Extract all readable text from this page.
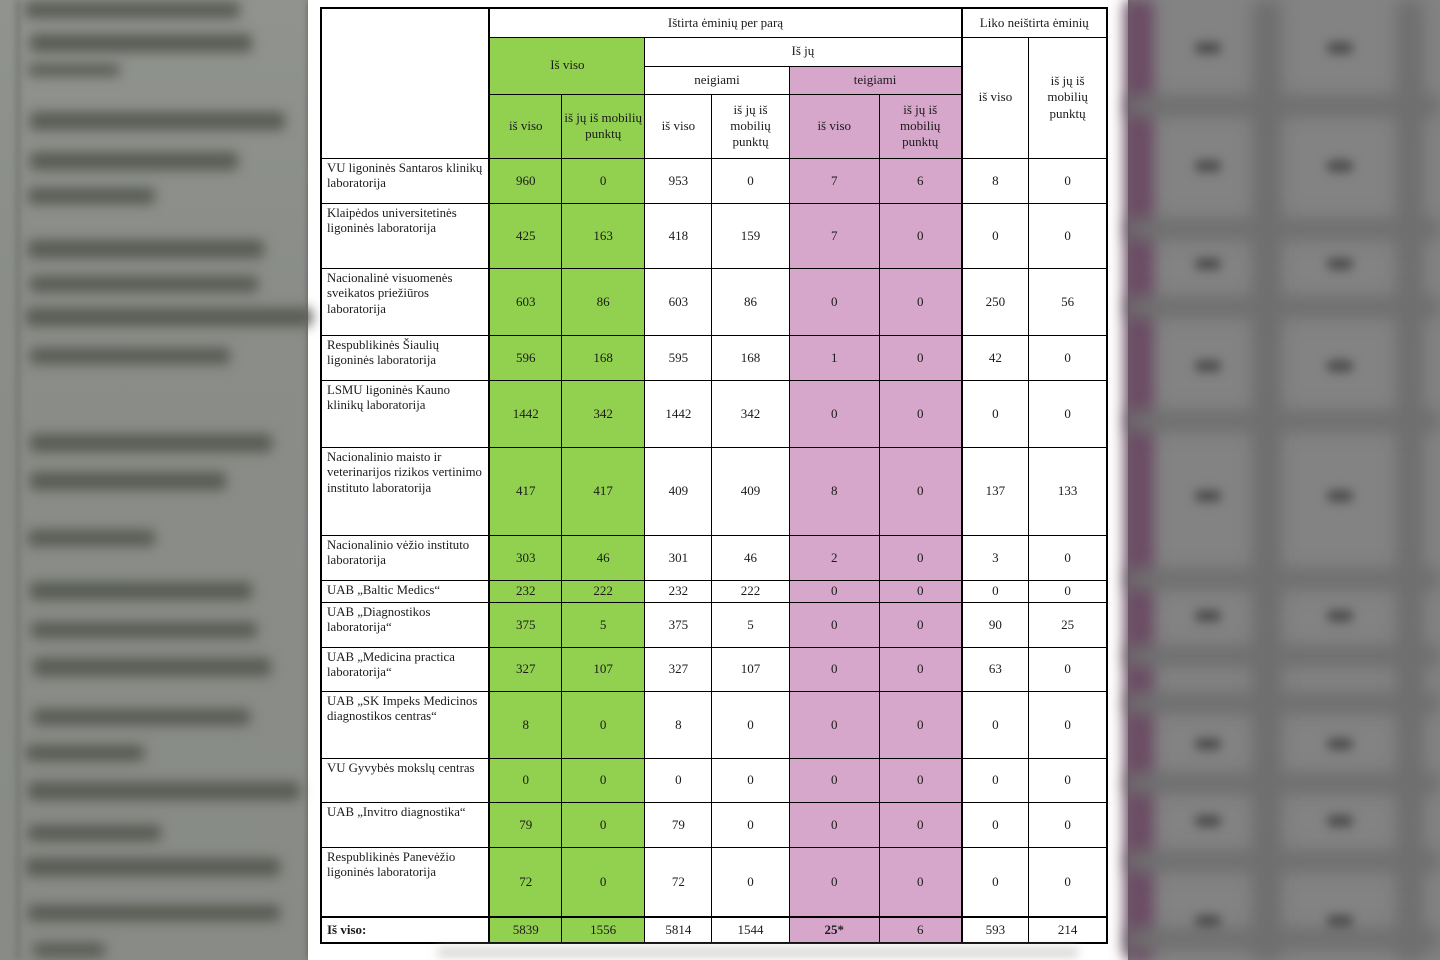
	Ištirta ėminių per parą						Liko neištirta ėminių	
	Iš viso		Iš jų				iš viso	iš jų iš mobilių punktų
			neigiami		teigiami			
	iš viso	iš jų iš mobilių punktų	iš viso	iš jų iš mobilių punktų	iš viso	iš jų iš mobilių punktų		
VU ligoninės Santaros klinikų laboratorija	960	0	953	0	7	6	8	0
Klaipėdos universitetinės ligoninės laboratorija	425	163	418	159	7	0	0	0
Nacionalinė visuomenės sveikatos priežiūros laboratorija	603	86	603	86	0	0	250	56
Respublikinės Šiaulių ligoninės laboratorija	596	168	595	168	1	0	42	0
LSMU ligoninės Kauno klinikų laboratorija	1442	342	1442	342	0	0	0	0
Nacionalinio maisto ir veterinarijos rizikos vertinimo instituto laboratorija	417	417	409	409	8	0	137	133
Nacionalinio vėžio instituto laboratorija	303	46	301	46	2	0	3	0
UAB „Baltic Medics“	232	222	232	222	0	0	0	0
UAB „Diagnostikos laboratorija“	375	5	375	5	0	0	90	25
UAB „Medicina practica laboratorija“	327	107	327	107	0	0	63	0
UAB „SK Impeks Medicinos diagnostikos centras“	8	0	8	0	0	0	0	0
VU Gyvybės mokslų centras	0	0	0	0	0	0	0	0
UAB „Invitro diagnostika“	79	0	79	0	0	0	0	0
Respublikinės Panevėžio ligoninės laboratorija	72	0	72	0	0	0	0	0
Iš viso:	5839	1556	5814	1544	25*	6	593	214
